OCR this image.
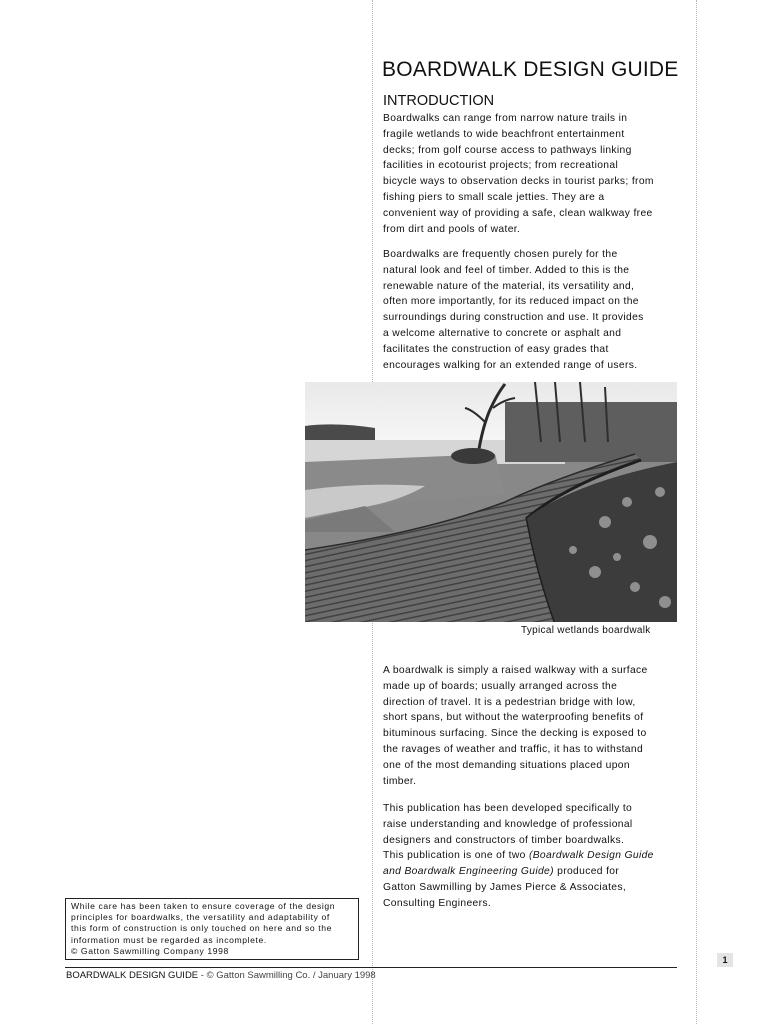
BOARDWALK DESIGN GUIDE
INTRODUCTION

Boardwalks can range from narrow nature trails in

fragile wetlands to wide beachfront entertainment

decks; from golf course access to pathways linking

facilities in ecotourist projects; from recreational

bicycle ways to observation decks in tourist parks; from

fishing piers to small scale jetties. They are a

convenient way of providing a safe, clean walkway free

from dirt and pools of water.

Boardwalks are frequently chosen purely for the

natural look and feel of timber. Added to this is the

renewable nature of the material, its versatility and,

often more importantly, for its reduced impact on the

surroundings during construction and use. It provides

a welcome alternative to concrete or asphalt and

facilitates the construction of easy grades that

encourages walking for an extended range of users.

Typical wetlands boardwalk

A boardwalk is simply a raised walkway with a surface

made up of boards; usually arranged across the

direction of travel. It is a pedestrian bridge with low,

short spans, but without the waterproofing benefits of

bituminous surfacing. Since the decking is exposed to

the ravages of weather and traffic, it has to withstand

one of the most demanding situations placed upon

timber.

This publication has been developed specifically to

raise understanding and knowledge of professional

designers and constructors of timber boardwalks.

This publication is one of two (Boardwalk Design Guide

and Boardwalk Engineering Guide) produced for

Gatton Sawmilling by James Pierce & Associates,

Consulting Engineers.

While care has been taken to ensure coverage of the design

principles for boardwalks, the versatility and adaptability of

this form of construction is only touched on here and so the

information must be regarded as incomplete.

© Gatton Sawmilling Company 1998

1
BOARDWALK DESIGN GUIDE - © Gatton Sawmilling Co. / January 1998
